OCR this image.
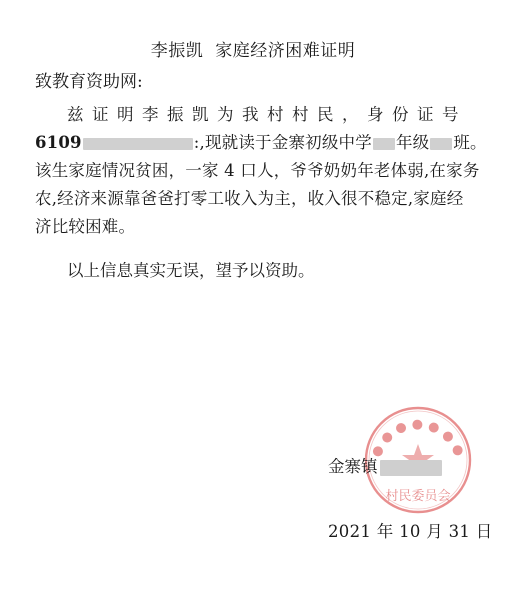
李振凯 家庭经济困难证明
致教育资助网:
兹证明李振凯为我村村民，身份证号
6109	:,现就读于金寨初级中学 年级 班。
该生家庭情况贫困，一家 4 口人，爷爷奶奶年老体弱,在家务
农,经济来源靠爸爸打零工收入为主，收入很不稳定,家庭经
济比较困难。
以上信息真实无误，望予以资助。
● ● ● ● ● ● ●
村民委员会
金寨镇
2021 年 10 月 31 日
